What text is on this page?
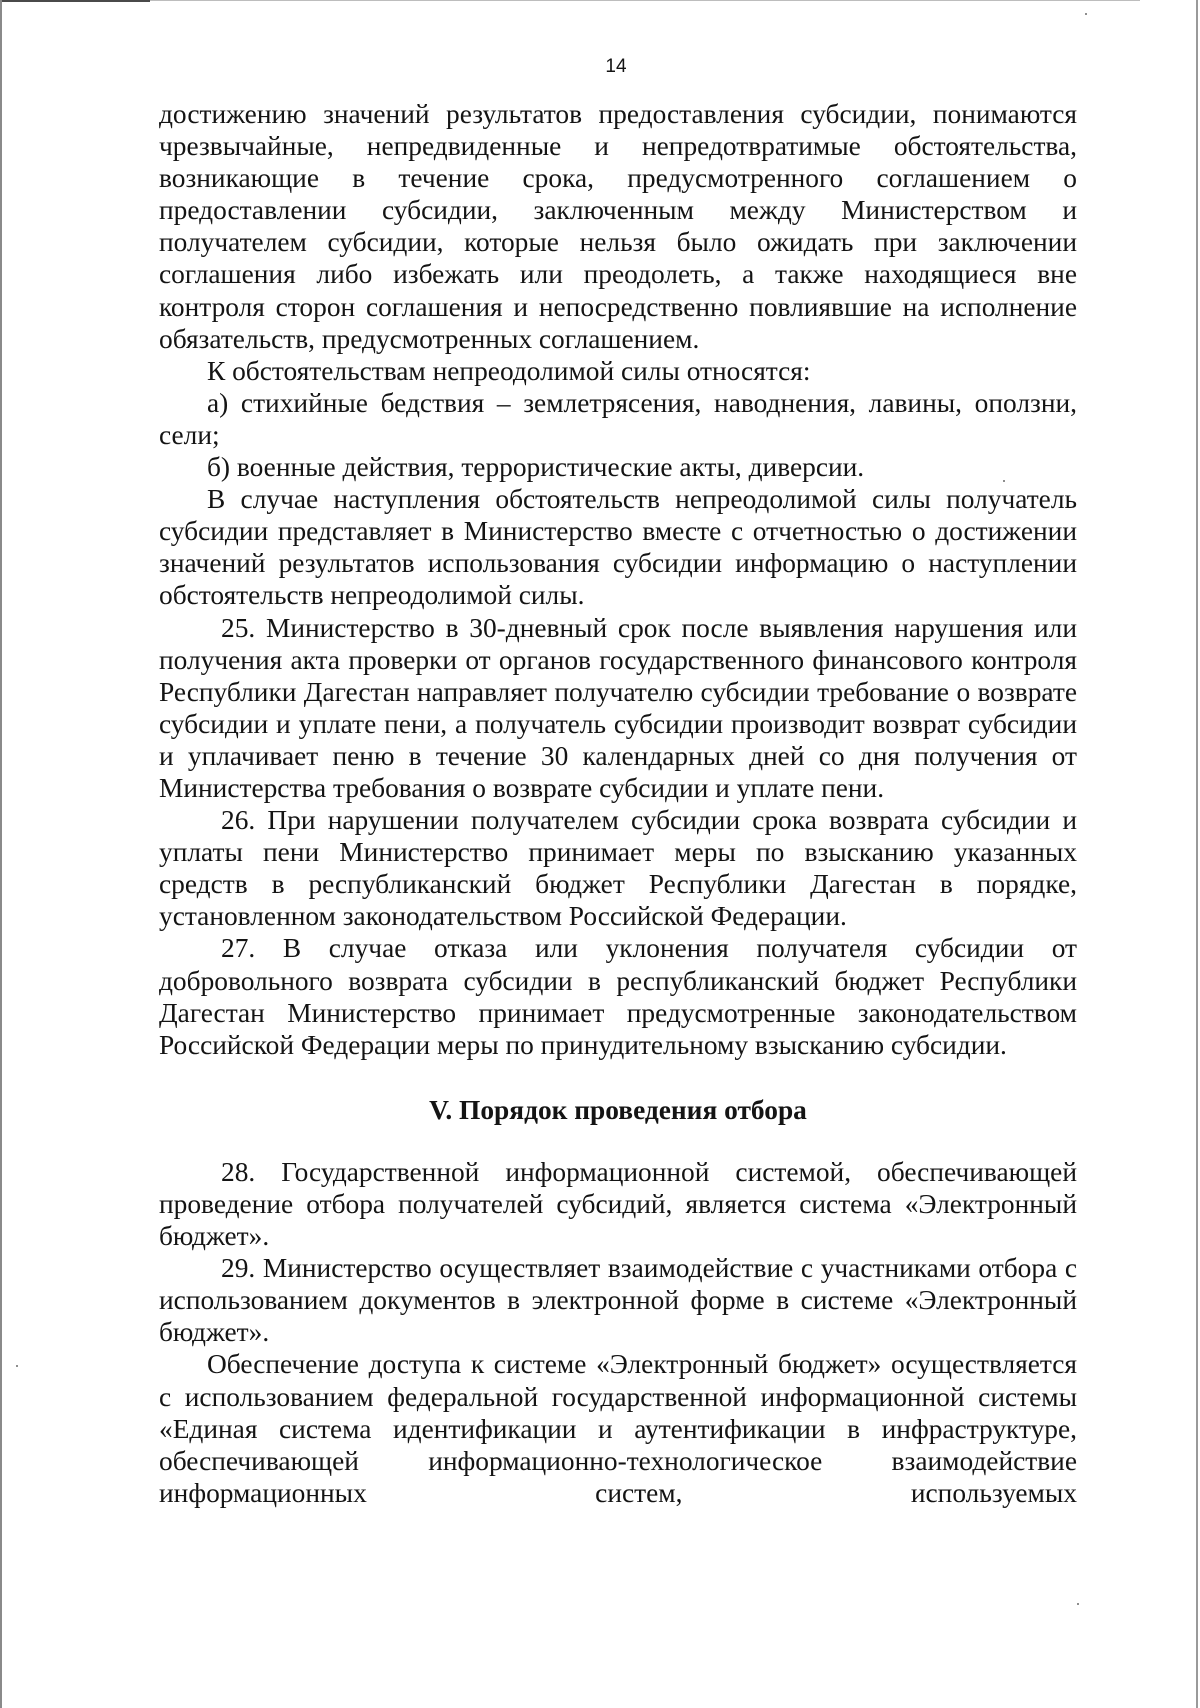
14

достижению значений результатов предоставления субсидии, понимаются чрезвычайные, непредвиденные и непредотвратимые обстоятельства, возникающие в течение срока, предусмотренного соглашением о предоставлении субсидии, заключенным между Министерством и получателем субсидии, которые нельзя было ожидать при заключении соглашения либо избежать или преодолеть, а также находящиеся вне контроля сторон соглашения и непосредственно повлиявшие на исполнение обязательств, предусмотренных соглашением.

К обстоятельствам непреодолимой силы относятся:

а) стихийные бедствия – землетрясения, наводнения, лавины, оползни, сели;

б) военные действия, террористические акты, диверсии.

В случае наступления обстоятельств непреодолимой силы получатель субсидии представляет в Министерство вместе с отчетностью о достижении значений результатов использования субсидии информацию о наступлении обстоятельств непреодолимой силы.

25. Министерство в 30-дневный срок после выявления нарушения или получения акта проверки от органов государственного финансового контроля Республики Дагестан направляет получателю субсидии требование о возврате субсидии и уплате пени, а получатель субсидии производит возврат субсидии и уплачивает пеню в течение 30 календарных дней со дня получения от Министерства требования о возврате субсидии и уплате пени.

26. При нарушении получателем субсидии срока возврата субсидии и уплаты пени Министерство принимает меры по взысканию указанных средств в республиканский бюджет Республики Дагестан в порядке, установленном законодательством Российской Федерации.

27. В случае отказа или уклонения получателя субсидии от добровольного возврата субсидии в республиканский бюджет Республики Дагестан Министерство принимает предусмотренные законодательством Российской Федерации меры по принудительному взысканию субсидии.

V. Порядок проведения отбора

28. Государственной информационной системой, обеспечивающей проведение отбора получателей субсидий, является система «Электронный бюджет».

29. Министерство осуществляет взаимодействие с участниками отбора с использованием документов в электронной форме в системе «Электронный бюджет».

Обеспечение доступа к системе «Электронный бюджет» осуществляется с использованием федеральной государственной информационной системы «Единая система идентификации и аутентификации в инфраструктуре, обеспечивающей информационно-технологическое взаимодействие информационных систем, используемых
